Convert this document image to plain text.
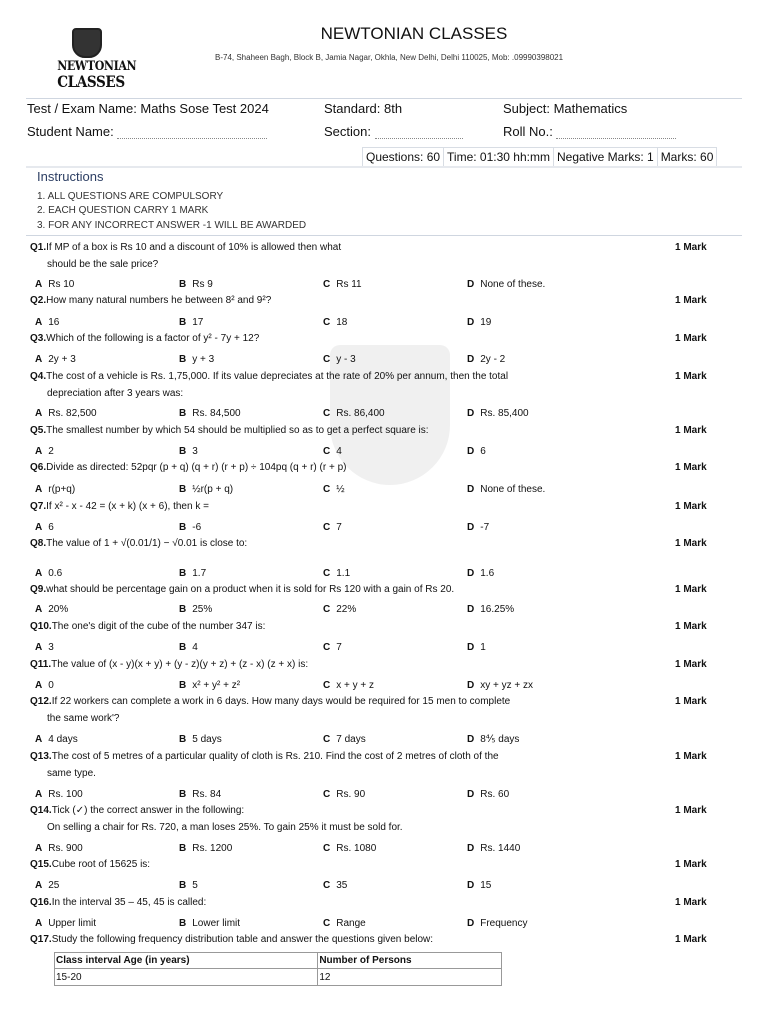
NEWTONIAN
CLASSES
NEWTONIAN CLASSES
B-74, Shaheen Bagh, Block B, Jamia Nagar, Okhla, New Delhi, Delhi 110025, Mob: .09990398021
Test / Exam Name: Maths Sose Test 2024	Standard: 8th	Subject: Mathematics
Student Name:	Section:	Roll No.:
Questions: 60 Time: 01:30 hh:mm Negative Marks: 1 Marks: 60
Instructions
1. ALL QUESTIONS ARE COMPULSORY
2. EACH QUESTION CARRY 1 MARK
3. FOR ANY INCORRECT ANSWER -1 WILL BE AWARDED
Q1.If MP of a box is Rs 10 and a discount of 10% is allowed then what	1 Mark
should be the sale price?
A Rs 10	B Rs 9	C Rs 11	D None of these.
Q2.How many natural numbers he between 8² and 9²?	1 Mark
A 16	B 17	C 18	D 19
Q3.Which of the following is a factor of y² - 7y + 12?	1 Mark
A 2y + 3	B y + 3	C y - 3	D 2y - 2
Q4.The cost of a vehicle is Rs. 1,75,000. If its value depreciates at the rate of 20% per annum, then the total	1 Mark
depreciation after 3 years was:
A Rs. 82,500	B Rs. 84,500	C Rs. 86,400	D Rs. 85,400
Q5.The smallest number by which 54 should be multiplied so as to get a perfect square is:	1 Mark
A 2	B 3	C 4	D 6
Q6.Divide as directed: 52pqr (p + q) (q + r) (r + p) ÷ 104pq (q + r) (r + p)	1 Mark
A r(p+q)	B ½r(p + q)	C ½	D None of these.
Q7.If x² - x - 42 = (x + k) (x + 6), then k =	1 Mark
A 6	B -6	C 7	D -7
Q8.The value of 1 + √(0.01/1) − √0.01 is close to:	1 Mark
A 0.6	B 1.7	C 1.1	D 1.6
Q9.what should be percentage gain on a product when it is sold for Rs 120 with a gain of Rs 20.	1 Mark
A 20%	B 25%	C 22%	D 16.25%
Q10.The one's digit of the cube of the number 347 is:	1 Mark
A 3	B 4	C 7	D 1
Q11.The value of (x - y)(x + y) + (y - z)(y + z) + (z - x) (z + x) is:	1 Mark
A 0	B x² + y² + z²	C x + y + z	D xy + yz + zx
Q12.If 22 workers can complete a work in 6 days. How many days would be required for 15 men to complete	1 Mark
the same work'?
A 4 days	B 5 days	C 7 days	D 8⅘ days
Q13.The cost of 5 metres of a particular quality of cloth is Rs. 210. Find the cost of 2 metres of cloth of the	1 Mark
same type.
A Rs. 100	B Rs. 84	C Rs. 90	D Rs. 60
Q14.Tick (✓) the correct answer in the following:	1 Mark
On selling a chair for Rs. 720, a man loses 25%. To gain 25% it must be sold for.
A Rs. 900	B Rs. 1200	C Rs. 1080	D Rs. 1440
Q15.Cube root of 15625 is:	1 Mark
A 25	B 5	C 35	D 15
Q16.In the interval 35 – 45, 45 is called:	1 Mark
A Upper limit	B Lower limit	C Range	D Frequency
Q17.Study the following frequency distribution table and answer the questions given below:	1 Mark
Class interval Age (in years)	Number of Persons
15-20	12
